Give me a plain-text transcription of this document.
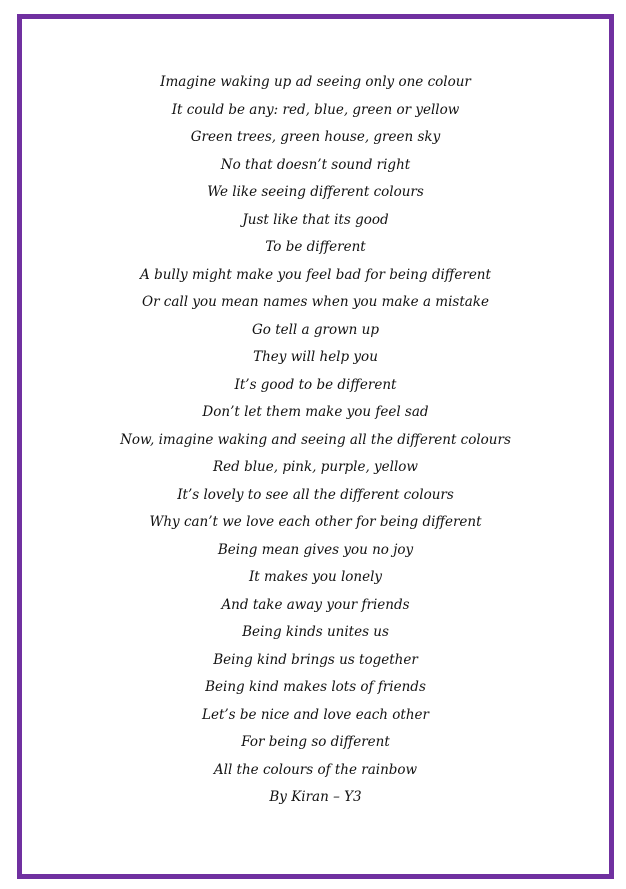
Imagine waking up ad seeing only one colour
It could be any: red, blue, green or yellow
Green trees, green house, green sky
No that doesn’t sound right
We like seeing different colours
Just like that its good
To be different
A bully might make you feel bad for being different
Or call you mean names when you make a mistake
Go tell a grown up
They will help you
It’s good to be different
Don’t let them make you feel sad
Now, imagine waking and seeing all the different colours
Red blue, pink, purple, yellow
It’s lovely to see all the different colours
Why can’t we love each other for being different
Being mean gives you no joy
It makes you lonely
And take away your friends
Being kinds unites us
Being kind brings us together
Being kind makes lots of friends
Let’s be nice and love each other
For being so different
All the colours of the rainbow
By Kiran – Y3
